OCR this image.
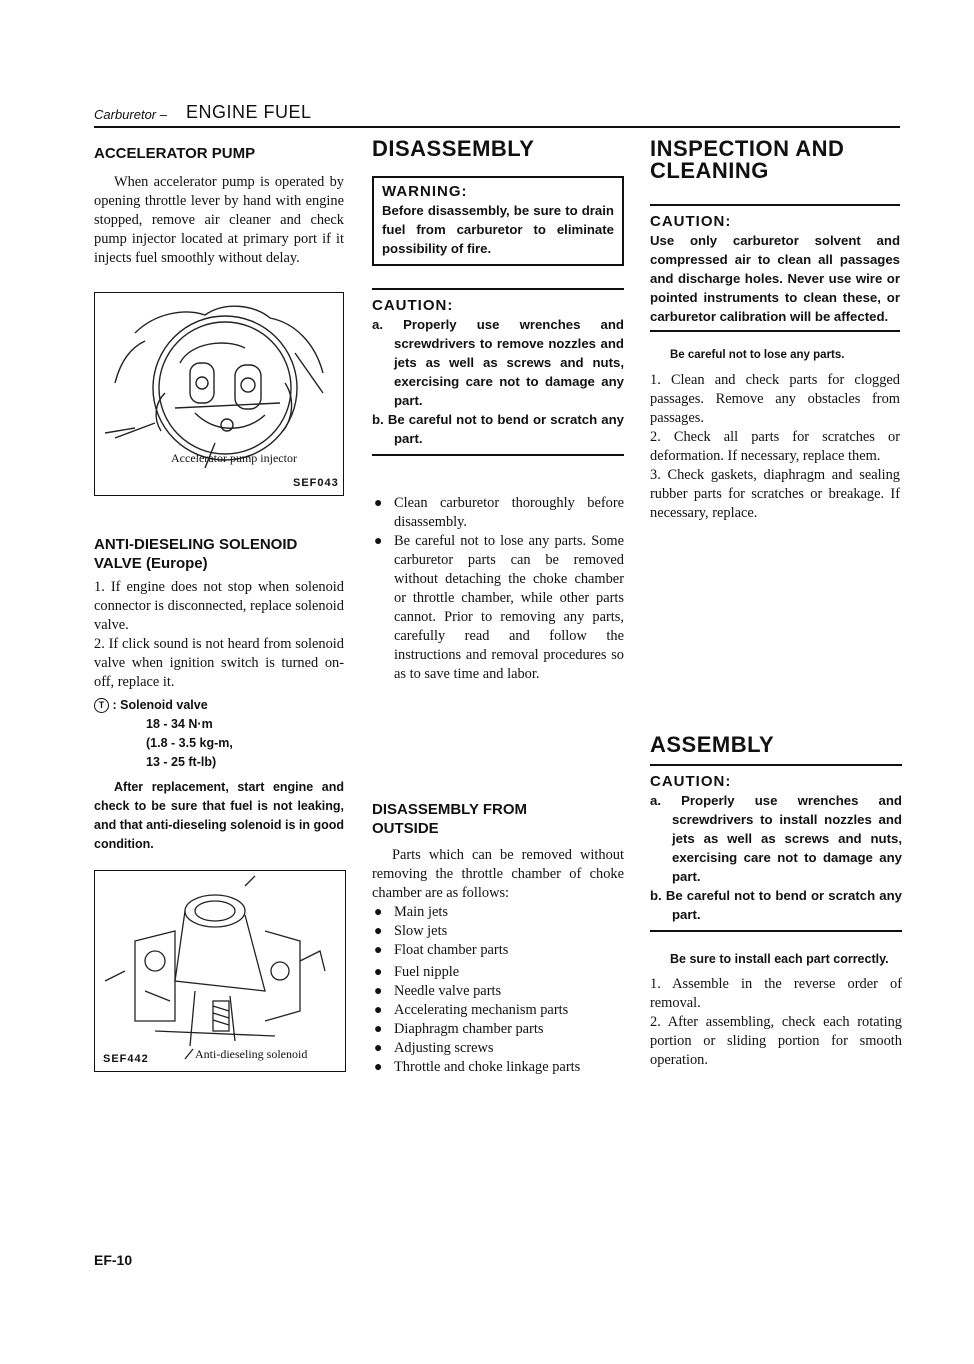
Carburetor – ENGINE FUEL
ACCELERATOR PUMP

When accelerator pump is operated by opening throttle lever by hand with engine stopped, remove air cleaner and check pump injector located at primary port if it injects fuel smoothly without delay.

Accelerator pump injector
SEF043
ANTI-DIESELING SOLENOID
VALVE (Europe)

1. If engine does not stop when solenoid connector is disconnected, replace solenoid valve.

2. If click sound is not heard from solenoid valve when ignition switch is turned on-off, replace it.

T : Solenoid valve
18 - 34 N·m
(1.8 - 3.5 kg-m,
13 - 25 ft-lb)
After replacement, start engine and check to be sure that fuel is not leaking, and that anti-dieseling solenoid is in good condition.
SEF442	Anti-dieseling solenoid
DISASSEMBLY
WARNING:
Before disassembly, be sure to drain fuel from carburetor to eliminate possibility of fire.
CAUTION:
a. Properly use wrenches and screwdrivers to remove nozzles and jets as well as screws and nuts, exercising care not to damage any part.
b. Be careful not to bend or scratch any part.
● Clean carburetor thoroughly before disassembly.
● Be careful not to lose any parts. Some carburetor parts can be removed without detaching the choke chamber or throttle chamber, while other parts cannot. Prior to removing any parts, carefully read and follow the instructions and removal procedures so as to save time and labor.
DISASSEMBLY FROM
OUTSIDE

Parts which can be removed without removing the throttle chamber of choke chamber are as follows:

● Main jets
● Slow jets
● Float chamber parts
● Fuel nipple
● Needle valve parts
● Accelerating mechanism parts
● Diaphragm chamber parts
● Adjusting screws
● Throttle and choke linkage parts
INSPECTION AND
CLEANING
CAUTION:
Use only carburetor solvent and compressed air to clean all passages and discharge holes. Never use wire or pointed instruments to clean these, or carburetor calibration will be affected.
Be careful not to lose any parts.

1. Clean and check parts for clogged passages. Remove any obstacles from passages.

2. Check all parts for scratches or deformation. If necessary, replace them.

3. Check gaskets, diaphragm and sealing rubber parts for scratches or breakage. If necessary, replace.

ASSEMBLY
CAUTION:
a. Properly use wrenches and screwdrivers to install nozzles and jets as well as screws and nuts, exercising care not to damage any part.
b. Be careful not to bend or scratch any part.
Be sure to install each part correctly.

1. Assemble in the reverse order of removal.

2. After assembling, check each rotating portion or sliding portion for smooth operation.

EF-10
